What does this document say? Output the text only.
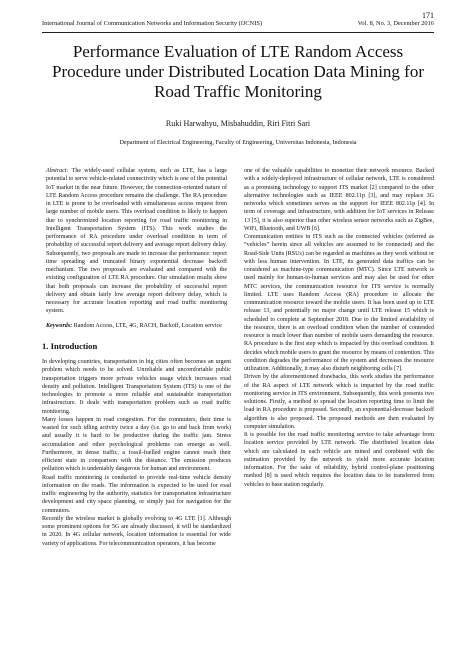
171
International Journal of Communication Networks and Information Security (IJCNIS)	Vol. 8, No. 3, December 2016
Performance Evaluation of LTE Random Access Procedure under Distributed Location Data Mining for Road Traffic Monitoring
Ruki Harwahyu, Misbahuddin, Riri Fitri Sari
Department of Electrical Engineering, Faculty of Engineering, Universitas Indonesia, Indonesia

Abstract: The widely-used cellular system, such as LTE, has a large potential to serve vehicle-related connectivity which is one of the potential IoT market in the near future. However, the connection-oriented nature of LTE Random Access procedure remains the challenge. The RA procedure in LTE is prone to be overloaded with simultaneous access request from large number of mobile users. This overload condition is likely to happen due to synchronized location reporting for road traffic monitoring in Intelligent Transportation System (ITS). This work studies the performance of RA procedure under overload condition in term of probability of successful report delivery and average report delivery delay. Subsequently, two proposals are made to increase the performance: report time spreading and truncated binary exponential decrease backoff mechanism. The two proposals are evaluated and compared with the existing configuration of LTE RA procedure. Our simulation results show that both proposals can increase the probability of successful report delivery and obtain fairly low average report delivery delay, which is necessary for accurate location reporting and road traffic monitoring system.

Keywords: Random Access, LTE, 4G, RACH, Backoff, Location service

1. Introduction

In developing countries, transportation in big cities often becomes an urgent problem which needs to be solved. Unreliable and uncomfortable public transportation triggers more private vehicles usage which increases road density and pollution. Intelligent Transportation System (ITS) is one of the technologies to promote a more reliable and sustainable transportation infrastructure. It deals with transportation problem such as road traffic monitoring.

Many losses happen in road congestion. For the commuters, their time is wasted for such idling activity twice a day (i.e. go to and back from work) and usually it is hard to be productive during the traffic jam. Stress accumulation and other psychological problems can emerge as well. Furthermore, in dense traffic, a fossil-fuelled engine cannot reach their efficient state in comparison with the distance. The emission produces pollution which is undeniably dangerous for human and environment.

Road traffic monitoring is conducted to provide real-time vehicle density information on the roads. The information is expected to be used for road traffic engineering by the authority, statistics for transportation infrastructure development and city space planning, or simply just for navigation for the commuters.

Recently the wireless market is globally evolving to 4G LTE [1]. Although some prominent options for 5G are already discussed, it will be standardized in 2020. In 4G cellular network, location information is essential for wide variety of applications. For telecommunication operators, it has become

one of the valuable capabilities to monetize their network resource. Backed with a widely-deployed infrastructure of cellular network, LTE is considered as a promising technology to support ITS market [2] compared to the other alternative technologies such as IEEE 802.11p [3], and may replace 3G networks which sometimes serves as the support for IEEE 802.11p [4]. In term of coverage and infrastructure, with addition for IoT services in Release 13 [5], it is also superior than other wireless sensor networks such as ZigBee, WiFi, Bluetooth, and UWB [6].

Communication entities in ITS such as the connected vehicles (referred as “vehicles” herein since all vehicles are assumed to be connected) and the Road-Side Units (RSUs) can be regarded as machines as they work without or with less human intervention. In LTE, its generated data traffics can be considered as machine-type communication (MTC). Since LTE network is used mainly for human-to-human services and may also be used for other MTC services, the communication resource for ITS service is normally limited. LTE uses Random Access (RA) procedure to allocate the communication resource toward the mobile users. It has been used up to LTE release 13, and potentially no major change until LTE release 15 which is scheduled to complete at September 2018. Due to the limited availability of the resource, there is an overload condition when the number of contended resource is much lower than number of mobile users demanding the resource. RA procedure is the first step which is impacted by this overload condition. It decides which mobile users to grant the resource by means of contention. This condition degrades the performance of the system and decreases the resource utilization. Additionally, it may also disturb neighboring cells [7].

Driven by the aforementioned drawbacks, this work studies the performance of the RA aspect of LTE network which is impacted by the road traffic monitoring service in ITS environment. Subsequently, this work presents two solutions. Firstly, a method to spread the location reporting time to limit the load in RA procedure is proposed. Secondly, an exponential-decrease backoff algorithm is also proposed. The proposed methods are then evaluated by computer simulation.

It is possible for the road traffic monitoring service to take advantage from location service provided by LTE network. The distributed location data which are calculated in each vehicle are mined and combined with the estimation provided by the network to yield more accurate location information. For the sake of reliability, hybrid control-plane positioning method [8] is used which requires the location data to be transferred from vehicles to base station regularly.
